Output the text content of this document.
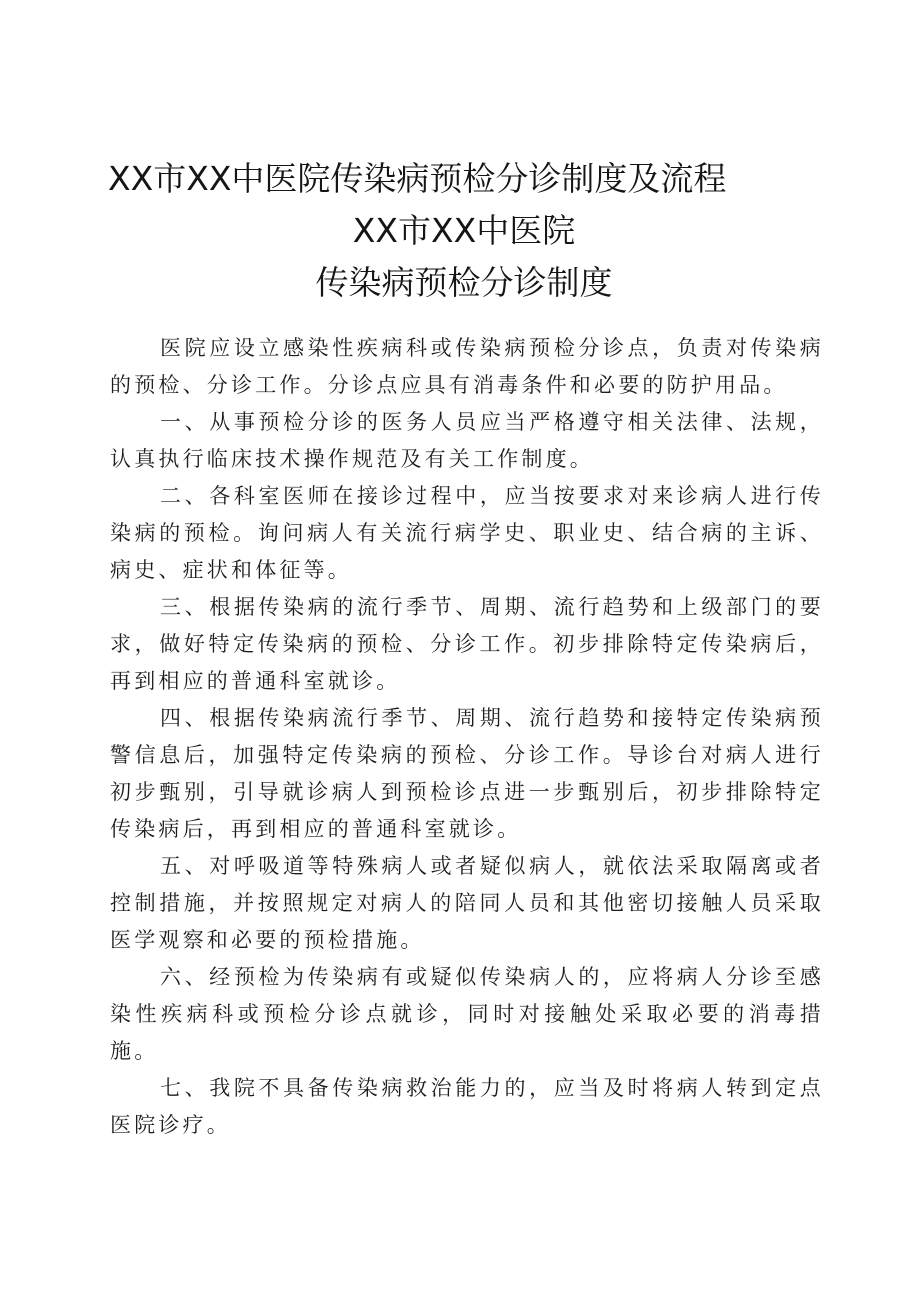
XX市XX中医院传染病预检分诊制度及流程
XX市XX中医院
传染病预检分诊制度

医院应设立感染性疾病科或传染病预检分诊点，负责对传染病的预检、分诊工作。分诊点应具有消毒条件和必要的防护用品。

一、从事预检分诊的医务人员应当严格遵守相关法律、法规，认真执行临床技术操作规范及有关工作制度。

二、各科室医师在接诊过程中，应当按要求对来诊病人进行传染病的预检。询问病人有关流行病学史、职业史、结合病的主诉、病史、症状和体征等。

三、根据传染病的流行季节、周期、流行趋势和上级部门的要求，做好特定传染病的预检、分诊工作。初步排除特定传染病后，再到相应的普通科室就诊。

四、根据传染病流行季节、周期、流行趋势和接特定传染病预警信息后，加强特定传染病的预检、分诊工作。导诊台对病人进行初步甄别，引导就诊病人到预检诊点进一步甄别后，初步排除特定传染病后，再到相应的普通科室就诊。

五、对呼吸道等特殊病人或者疑似病人，就依法采取隔离或者控制措施，并按照规定对病人的陪同人员和其他密切接触人员采取医学观察和必要的预检措施。

六、经预检为传染病有或疑似传染病人的，应将病人分诊至感染性疾病科或预检分诊点就诊，同时对接触处采取必要的消毒措施。

七、我院不具备传染病救治能力的，应当及时将病人转到定点医院诊疗。
